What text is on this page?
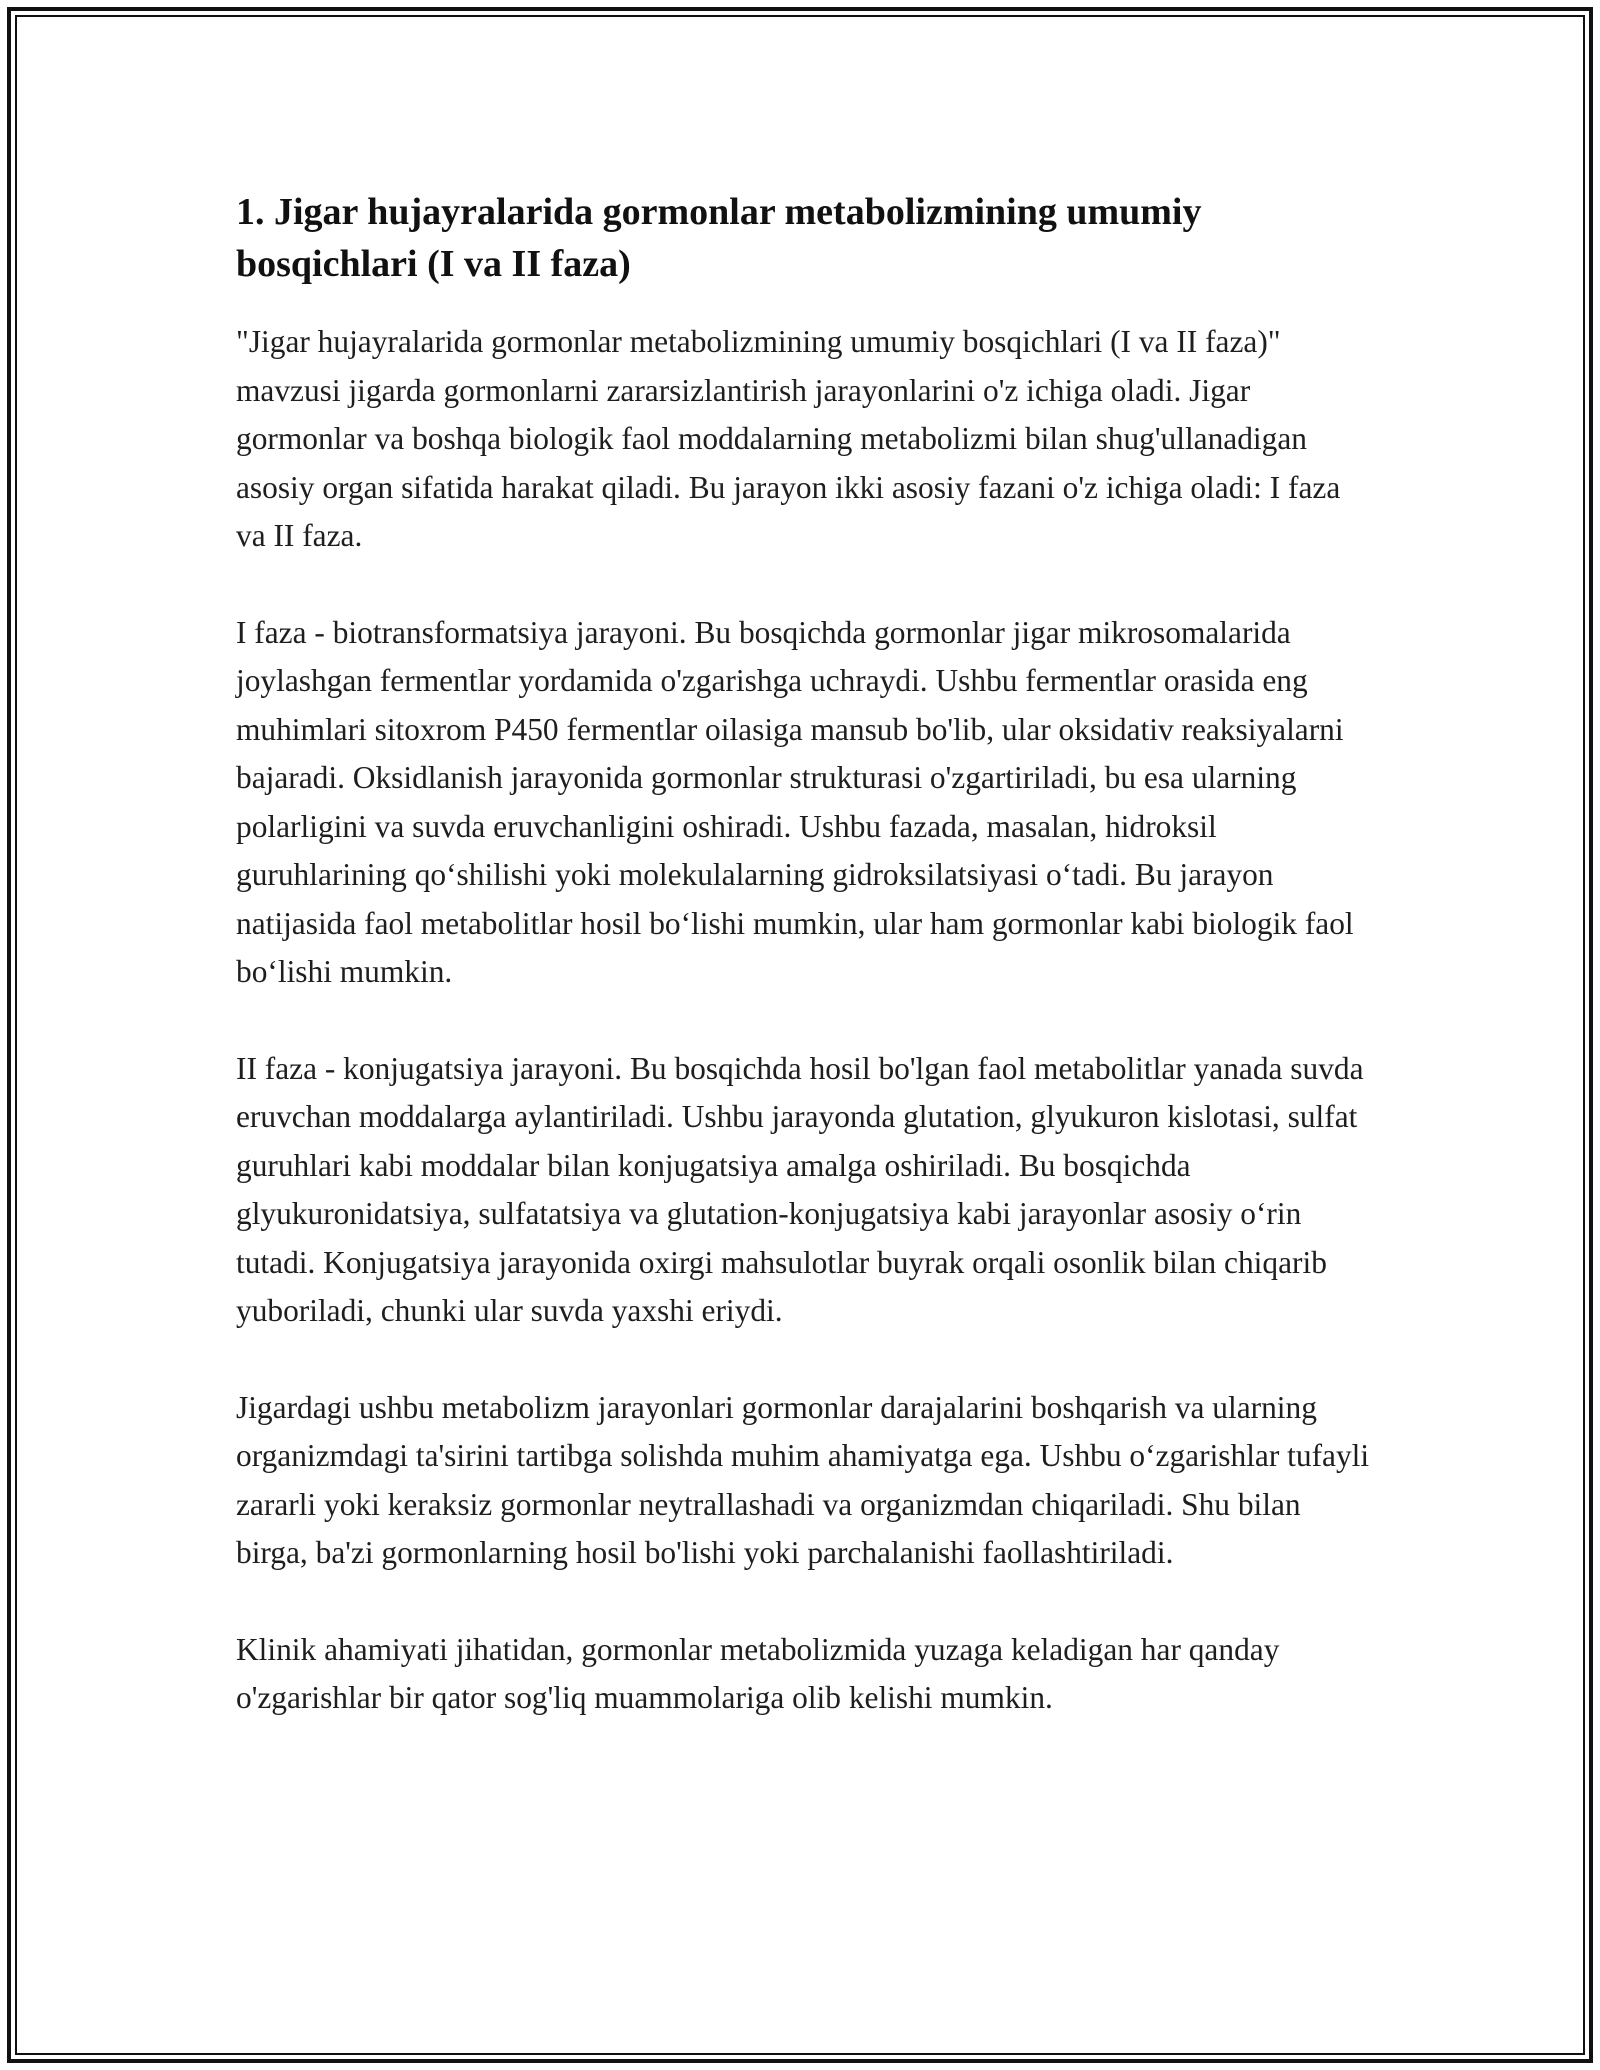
1. Jigar hujayralarida gormonlar metabolizmining umumiy bosqichlari (I va II faza)

"Jigar hujayralarida gormonlar metabolizmining umumiy bosqichlari (I va II faza)" mavzusi jigarda gormonlarni zararsizlantirish jarayonlarini o'z ichiga oladi. Jigar gormonlar va boshqa biologik faol moddalarning metabolizmi bilan shug'ullanadigan asosiy organ sifatida harakat qiladi. Bu jarayon ikki asosiy fazani o'z ichiga oladi: I faza va II faza.

I faza - biotransformatsiya jarayoni. Bu bosqichda gormonlar jigar mikrosomalarida joylashgan fermentlar yordamida o'zgarishga uchraydi. Ushbu fermentlar orasida eng muhimlari sitoxrom P450 fermentlar oilasiga mansub bo'lib, ular oksidativ reaksiyalarni bajaradi. Oksidlanish jarayonida gormonlar strukturasi o'zgartiriladi, bu esa ularning polarligini va suvda eruvchanligini oshiradi. Ushbu fazada, masalan, hidroksil guruhlarining qo‘shilishi yoki molekulalarning gidroksilatsiyasi o‘tadi. Bu jarayon natijasida faol metabolitlar hosil bo‘lishi mumkin, ular ham gormonlar kabi biologik faol bo‘lishi mumkin.

II faza - konjugatsiya jarayoni. Bu bosqichda hosil bo'lgan faol metabolitlar yanada suvda eruvchan moddalarga aylantiriladi. Ushbu jarayonda glutation, glyukuron kislotasi, sulfat guruhlari kabi moddalar bilan konjugatsiya amalga oshiriladi. Bu bosqichda glyukuronidatsiya, sulfatatsiya va glutation-konjugatsiya kabi jarayonlar asosiy o‘rin tutadi. Konjugatsiya jarayonida oxirgi mahsulotlar buyrak orqali osonlik bilan chiqarib yuboriladi, chunki ular suvda yaxshi eriydi.

Jigardagi ushbu metabolizm jarayonlari gormonlar darajalarini boshqarish va ularning organizmdagi ta'sirini tartibga solishda muhim ahamiyatga ega. Ushbu o‘zgarishlar tufayli zararli yoki keraksiz gormonlar neytrallashadi va organizmdan chiqariladi. Shu bilan birga, ba'zi gormonlarning hosil bo'lishi yoki parchalanishi faollashtiriladi.

Klinik ahamiyati jihatidan, gormonlar metabolizmida yuzaga keladigan har qanday o'zgarishlar bir qator sog'liq muammolariga olib kelishi mumkin.
